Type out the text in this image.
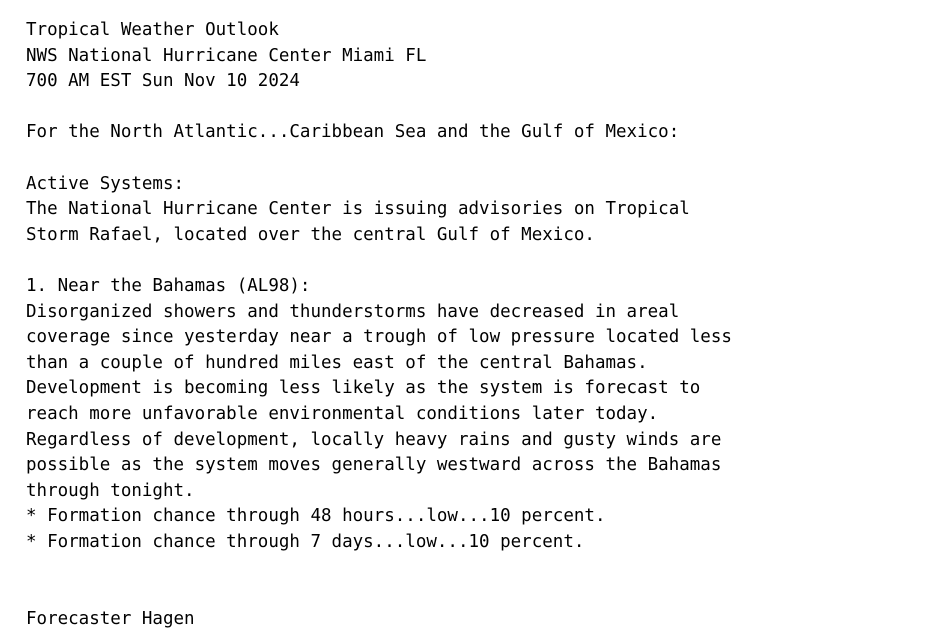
Tropical Weather Outlook
NWS National Hurricane Center Miami FL
700 AM EST Sun Nov 10 2024
For the North Atlantic...Caribbean Sea and the Gulf of Mexico:
Active Systems:
The National Hurricane Center is issuing advisories on Tropical
Storm Rafael, located over the central Gulf of Mexico.
1. Near the Bahamas (AL98):
Disorganized showers and thunderstorms have decreased in areal
coverage since yesterday near a trough of low pressure located less
than a couple of hundred miles east of the central Bahamas.
Development is becoming less likely as the system is forecast to
reach more unfavorable environmental conditions later today.
Regardless of development, locally heavy rains and gusty winds are
possible as the system moves generally westward across the Bahamas
through tonight.
* Formation chance through 48 hours...low...10 percent.
* Formation chance through 7 days...low...10 percent.
Forecaster Hagen
